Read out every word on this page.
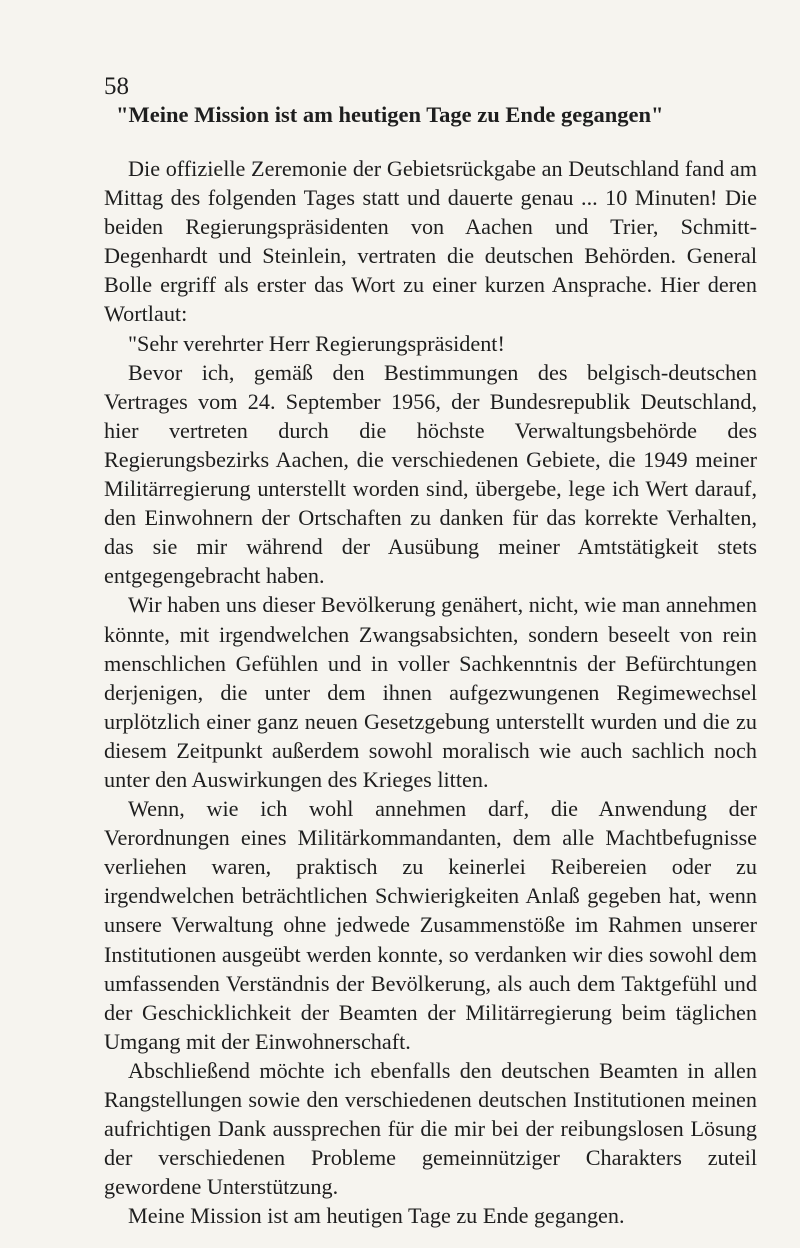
58
"Meine Mission ist am heutigen Tage zu Ende gegangen"

Die offizielle Zeremonie der Gebietsrückgabe an Deutschland fand am Mittag des folgenden Tages statt und dauerte genau ... 10 Minuten! Die beiden Regierungspräsidenten von Aachen und Trier, Schmitt-Degenhardt und Steinlein, vertraten die deutschen Behörden. General Bolle ergriff als erster das Wort zu einer kurzen Ansprache. Hier deren Wortlaut:

"Sehr verehrter Herr Regierungspräsident!

Bevor ich, gemäß den Bestimmungen des belgisch-deutschen Vertrages vom 24. September 1956, der Bundesrepublik Deutschland, hier vertreten durch die höchste Verwaltungsbehörde des Regierungsbezirks Aachen, die verschiedenen Gebiete, die 1949 meiner Militärregierung unterstellt worden sind, übergebe, lege ich Wert darauf, den Einwohnern der Ortschaften zu danken für das korrekte Verhalten, das sie mir während der Ausübung meiner Amtstätigkeit stets entgegengebracht haben.

Wir haben uns dieser Bevölkerung genähert, nicht, wie man annehmen könnte, mit irgendwelchen Zwangsabsichten, sondern beseelt von rein menschlichen Gefühlen und in voller Sachkenntnis der Befürchtungen derjenigen, die unter dem ihnen aufgezwungenen Regimewechsel urplötzlich einer ganz neuen Gesetzgebung unterstellt wurden und die zu diesem Zeitpunkt außerdem sowohl moralisch wie auch sachlich noch unter den Auswirkungen des Krieges litten.

Wenn, wie ich wohl annehmen darf, die Anwendung der Verordnungen eines Militärkommandanten, dem alle Machtbefugnisse verliehen waren, praktisch zu keinerlei Reibereien oder zu irgendwelchen beträchtlichen Schwierigkeiten Anlaß gegeben hat, wenn unsere Verwaltung ohne jedwede Zusammenstöße im Rahmen unserer Institutionen ausgeübt werden konnte, so verdanken wir dies sowohl dem umfassenden Verständnis der Bevölkerung, als auch dem Taktgefühl und der Geschicklichkeit der Beamten der Militärregierung beim täglichen Umgang mit der Einwohnerschaft.

Abschließend möchte ich ebenfalls den deutschen Beamten in allen Rangstellungen sowie den verschiedenen deutschen Institutionen meinen aufrichtigen Dank aussprechen für die mir bei der reibungslosen Lösung der verschiedenen Probleme gemeinnütziger Charakters zuteil gewordene Unterstützung.

Meine Mission ist am heutigen Tage zu Ende gegangen.
